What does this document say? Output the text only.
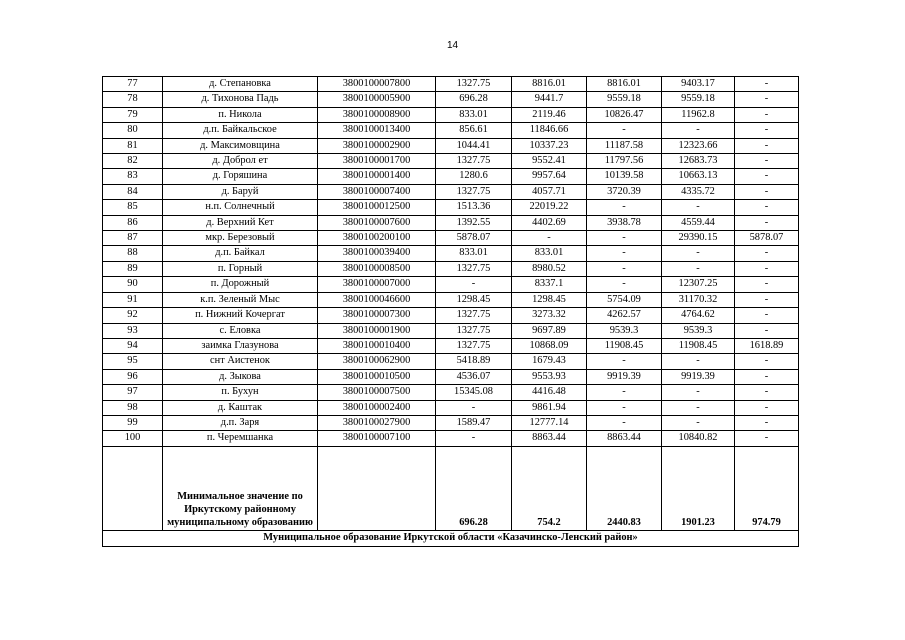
14
77	д. Степановка	3800100007800	1327.75	8816.01	8816.01	9403.17	-
78	д. Тихонова Падь	3800100005900	696.28	9441.7	9559.18	9559.18	-
79	п. Никола	3800100008900	833.01	2119.46	10826.47	11962.8	-
80	д.п. Байкальское	3800100013400	856.61	11846.66	-	-	-
81	д. Максимовщина	3800100002900	1044.41	10337.23	11187.58	12323.66	-
82	д. Доброл ет	3800100001700	1327.75	9552.41	11797.56	12683.73	-
83	д. Горяшина	3800100001400	1280.6	9957.64	10139.58	10663.13	-
84	д. Баруй	3800100007400	1327.75	4057.71	3720.39	4335.72	-
85	н.п. Солнечный	3800100012500	1513.36	22019.22	-	-	-
86	д. Верхний Кет	3800100007600	1392.55	4402.69	3938.78	4559.44	-
87	мкр. Березовый	3800100200100	5878.07	-	-	29390.15	5878.07
88	д.п. Байкал	3800100039400	833.01	833.01	-	-	-
89	п. Горный	3800100008500	1327.75	8980.52	-	-	-
90	п. Дорожный	3800100007000	-	8337.1	-	12307.25	-
91	к.п. Зеленый Мыс	3800100046600	1298.45	1298.45	5754.09	31170.32	-
92	п. Нижний Кочергат	3800100007300	1327.75	3273.32	4262.57	4764.62	-
93	с. Еловка	3800100001900	1327.75	9697.89	9539.3	9539.3	-
94	заимка Глазунова	3800100010400	1327.75	10868.09	11908.45	11908.45	1618.89
95	снт Аистенок	3800100062900	5418.89	1679.43	-	-	-
96	д. Зыкова	3800100010500	4536.07	9553.93	9919.39	9919.39	-
97	п. Бухун	3800100007500	15345.08	4416.48	-	-	-
98	д. Каштак	3800100002400	-	9861.94	-	-	-
99	д.п. Заря	3800100027900	1589.47	12777.14	-	-	-
100	п. Черемшанка	3800100007100	-	8863.44	8863.44	10840.82	-
	Минимальное значение по Иркутскому районному муниципальному образованию		696.28	754.2	2440.83	1901.23	974.79
Муниципальное образование Иркутской области «Казачинско-Ленский район»							
